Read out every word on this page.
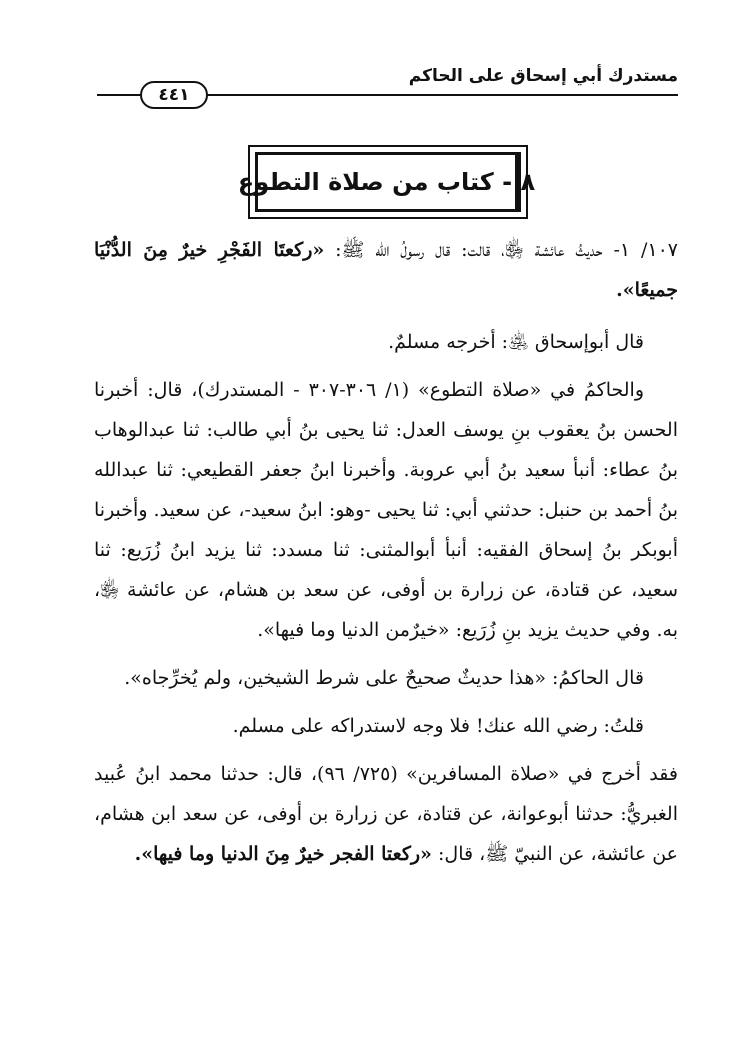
مستدرك أبي إسحاق على الحاكم
٤٤١
٨ - كتاب من صلاة التطوع

١٠٧/ ١- حديثُ عائشة ﵂، قالت: قال رسولُ الله ﷺ: «ركعتَا الفَجْرِ خيرٌ مِنَ الدُّنْيَا جميعًا».

قال أبوإسحاق ﵁: أخرجه مسلمٌ.

والحاكمُ في «صلاة التطوع» (١/ ٣٠٦-٣٠٧ - المستدرك)، قال: أخبرنا الحسن بنُ يعقوب بنِ يوسف العدل: ثنا يحيى بنُ أبي طالب: ثنا عبدالوهاب بنُ عطاء: أنبأ سعيد بنُ أبي عروبة. وأخبرنا ابنُ جعفر القطيعي: ثنا عبدالله بنُ أحمد بن حنبل: حدثني أبي: ثنا يحيى -وهو: ابنُ سعيد-، عن سعيد. وأخبرنا أبوبكر بنُ إسحاق الفقيه: أنبأ أبوالمثنى: ثنا مسدد: ثنا يزيد ابنُ زُرَيع: ثنا سعيد، عن قتادة، عن زرارة بن أوفى، عن سعد بن هشام، عن عائشة ﵂، به. وفي حديث يزيد بنِ زُرَيع: «خيرٌمن الدنيا وما فيها».

قال الحاكمُ: «هذا حديثٌ صحيحٌ على شرط الشيخين، ولم يُخرِّجاه».

قلتُ: رضي الله عنك! فلا وجه لاستدراكه على مسلم.

فقد أخرج في «صلاة المسافرين» (٧٢٥/ ٩٦)، قال: حدثنا محمد ابنُ عُبيد الغبريُّ: حدثنا أبوعوانة، عن قتادة، عن زرارة بن أوفى، عن سعد ابن هشام، عن عائشة، عن النبيّ ﷺ، قال: «ركعتا الفجر خيرٌ مِنَ الدنيا وما فيها».
